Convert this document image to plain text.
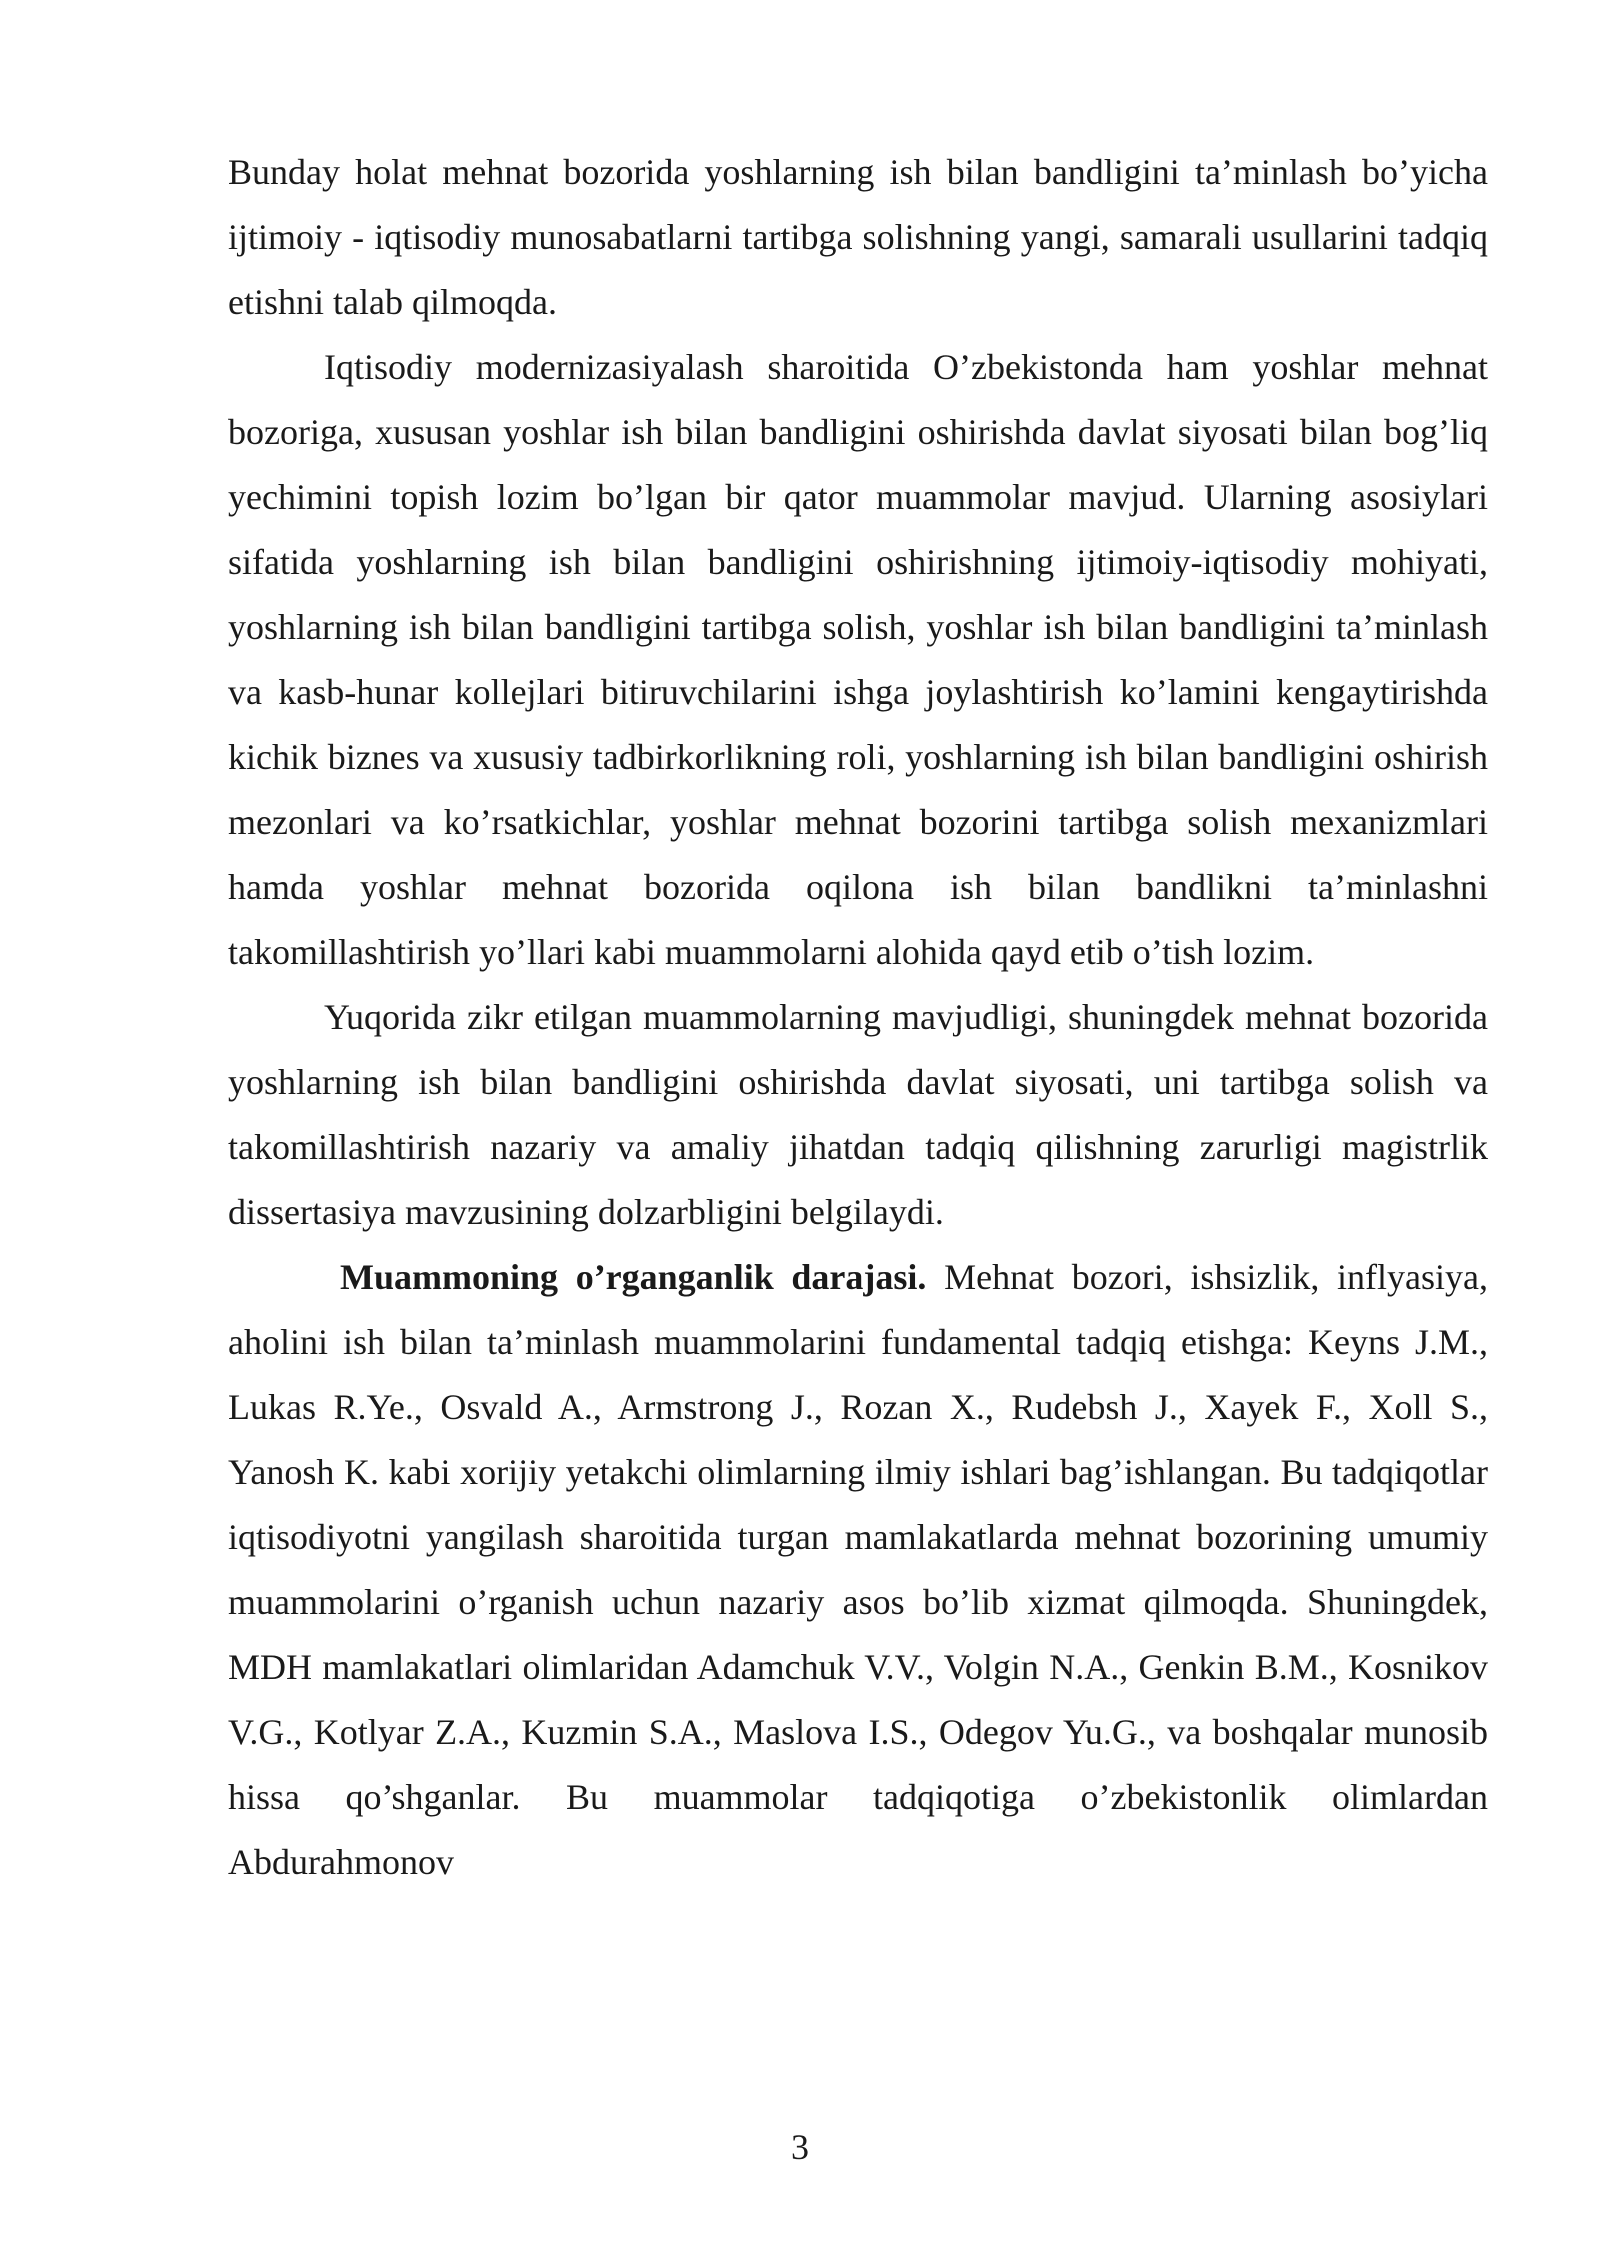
Bunday holat mehnat bozorida yoshlarning ish bilan bandligini ta’minlash bo’yicha ijtimoiy - iqtisodiy munosabatlarni tartibga solishning yangi, samarali usullarini tadqiq etishni talab qilmoqda.

Iqtisodiy modernizasiyalash sharoitida O’zbekistonda ham yoshlar mehnat bozoriga, xususan yoshlar ish bilan bandligini oshirishda davlat siyosati bilan bog’liq yechimini topish lozim bo’lgan bir qator muammolar mavjud. Ularning asosiylari sifatida yoshlarning ish bilan bandligini oshirishning ijtimoiy-iqtisodiy mohiyati, yoshlarning ish bilan bandligini tartibga solish, yoshlar ish bilan bandligini ta’minlash va kasb-hunar kollejlari bitiruvchilarini ishga joylashtirish ko’lamini kengaytirishda kichik biznes va xususiy tadbirkorlikning roli, yoshlarning ish bilan bandligini oshirish mezonlari va ko’rsatkichlar, yoshlar mehnat bozorini tartibga solish mexanizmlari hamda yoshlar mehnat bozorida oqilona ish bilan bandlikni ta’minlashni takomillashtirish yo’llari kabi muammolarni alohida qayd etib o’tish lozim.

Yuqorida zikr etilgan muammolarning mavjudligi, shuningdek mehnat bozorida yoshlarning ish bilan bandligini oshirishda davlat siyosati, uni tartibga solish va takomillashtirish nazariy va amaliy jihatdan tadqiq qilishning zarurligi magistrlik dissertasiya mavzusining dolzarbligini belgilaydi.

Muammoning o’rganganlik darajasi. Mehnat bozori, ishsizlik, inflyasiya, aholini ish bilan ta’minlash muammolarini fundamental tadqiq etishga: Keyns J.M., Lukas R.Ye., Osvald A., Armstrong J., Rozan X., Rudebsh J., Xayek F., Xoll S., Yanosh K. kabi xorijiy yetakchi olimlarning ilmiy ishlari bag’ishlangan. Bu tadqiqotlar iqtisodiyotni yangilash sharoitida turgan mamlakatlarda mehnat bozorining umumiy muammolarini o’rganish uchun nazariy asos bo’lib xizmat qilmoqda. Shuningdek, MDH mamlakatlari olimlaridan Adamchuk V.V., Volgin N.A., Genkin B.M., Kosnikov V.G., Kotlyar Z.A., Kuzmin S.A., Maslova I.S., Odegov Yu.G., va boshqalar munosib hissa qo’shganlar. Bu muammolar tadqiqotiga o’zbekistonlik olimlardan Abdurahmonov

3
